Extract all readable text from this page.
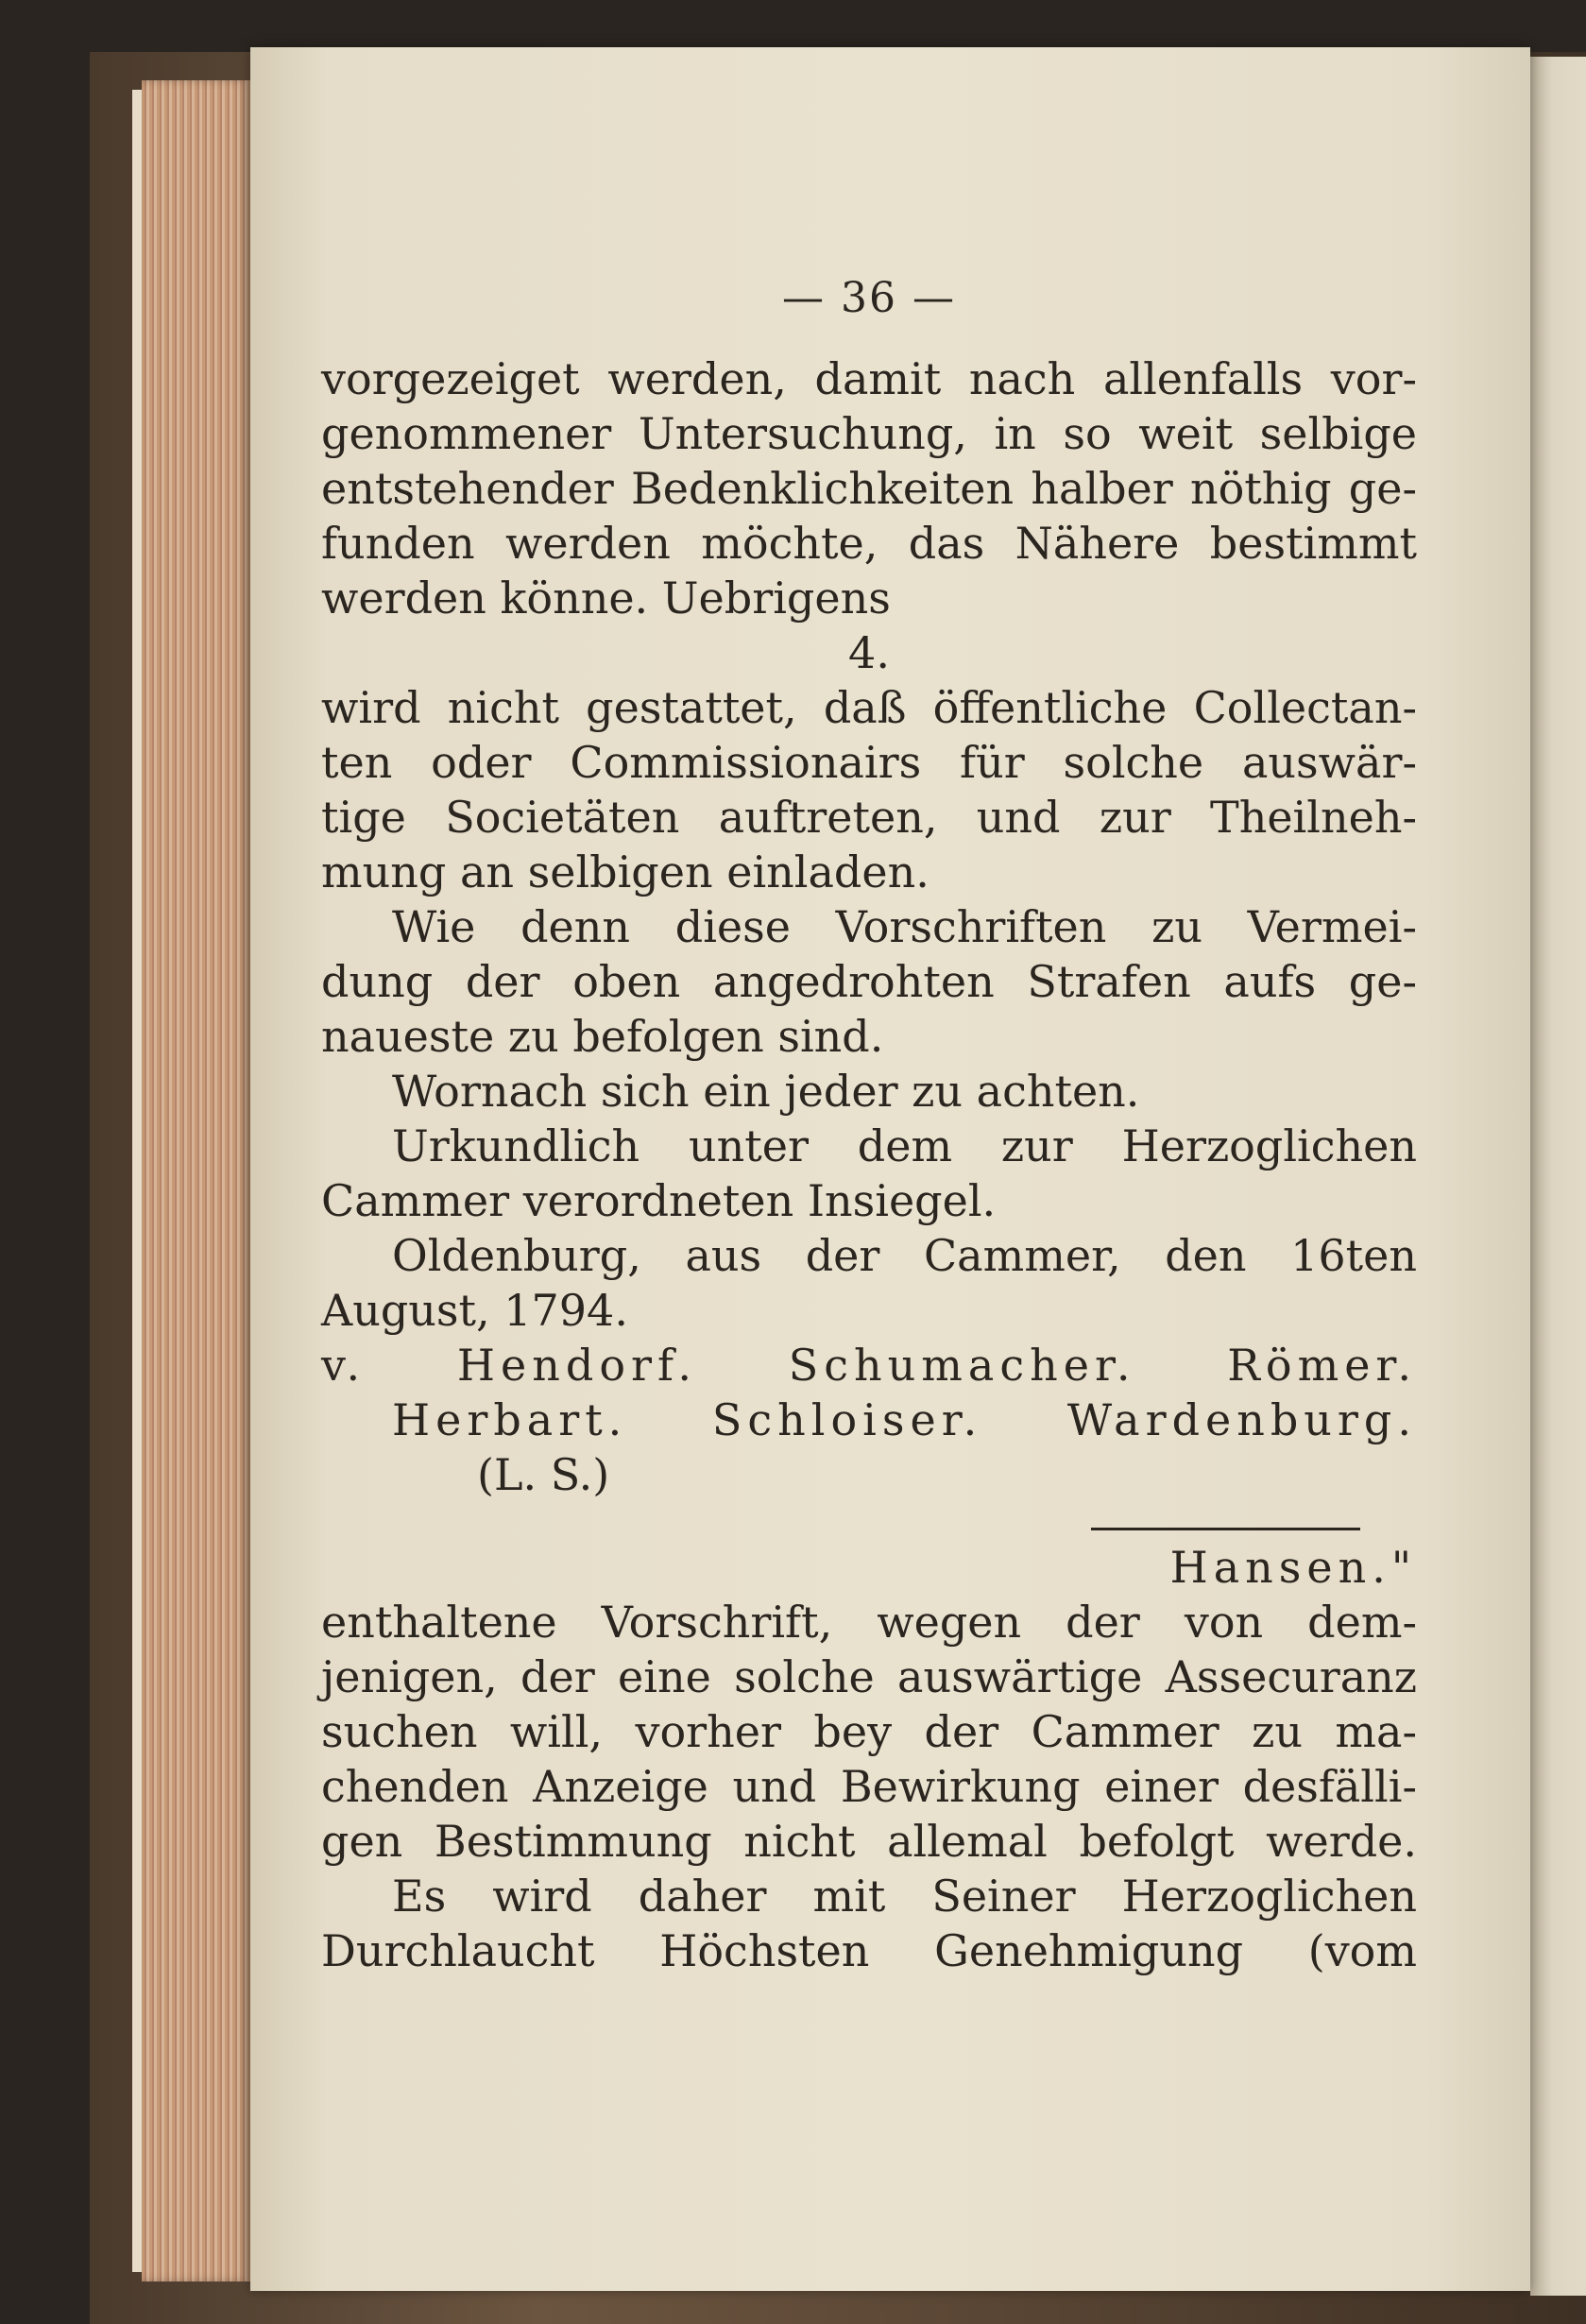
— 36 —
vorgezeiget werden, damit nach allenfalls vor-
genommener Untersuchung, in so weit selbige
entstehender Bedenklichkeiten halber nöthig ge-
funden werden möchte, das Nähere bestimmt
werden könne. Uebrigens
4.
wird nicht gestattet, daß öffentliche Collectan-
ten oder Commissionairs für solche auswär-
tige Societäten auftreten, und zur Theilneh-
mung an selbigen einladen.
Wie denn diese Vorschriften zu Vermei-
dung der oben angedrohten Strafen aufs ge-
naueste zu befolgen sind.
Wornach sich ein jeder zu achten.
Urkundlich unter dem zur Herzoglichen
Cammer verordneten Insiegel.
Oldenburg, aus der Cammer, den 16ten
August, 1794.
v. Hendorf. Schumacher. Römer.
Herbart. Schloiser. Wardenburg.
(L. S.)
Hansen."
enthaltene Vorschrift, wegen der von dem-
jenigen, der eine solche auswärtige Assecuranz
suchen will, vorher bey der Cammer zu ma-
chenden Anzeige und Bewirkung einer desfälli-
gen Bestimmung nicht allemal befolgt werde.
Es wird daher mit Seiner Herzoglichen
Durchlaucht Höchsten Genehmigung (vom
